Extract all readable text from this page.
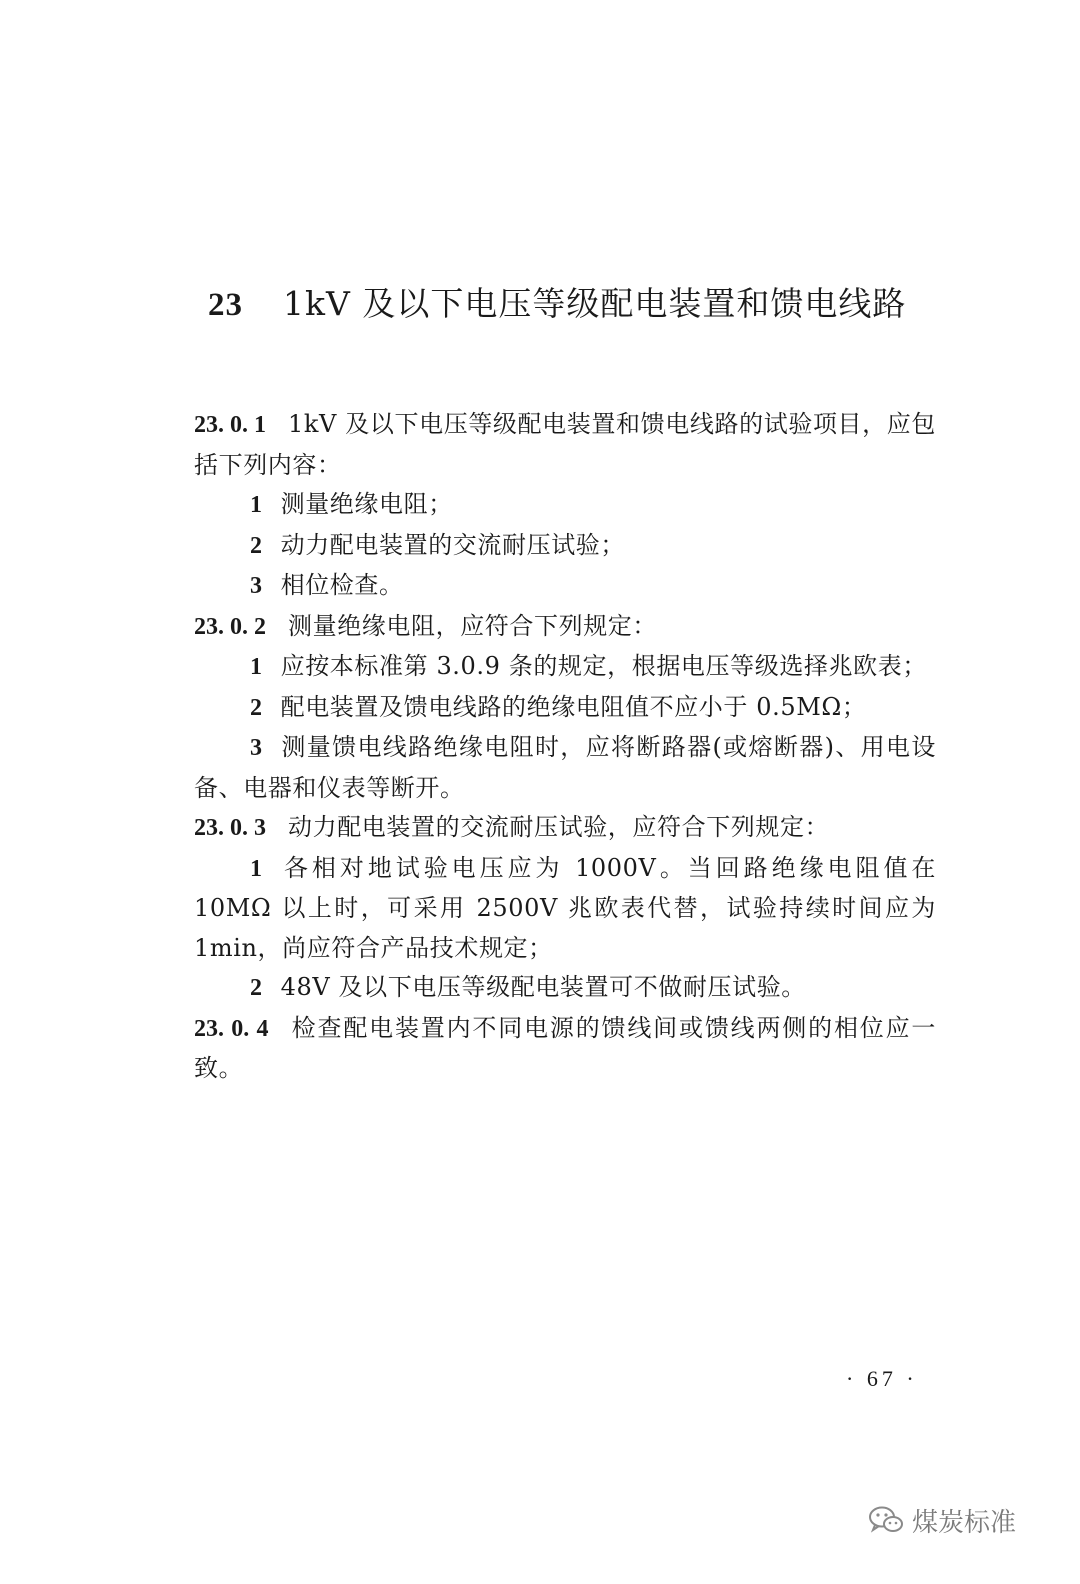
23 1kV 及以下电压等级配电装置和馈电线路

23. 0. 1 1kV 及以下电压等级配电装置和馈电线路的试验项目，应包括下列内容：

1 测量绝缘电阻；

2 动力配电装置的交流耐压试验；

3 相位检查。

23. 0. 2 测量绝缘电阻，应符合下列规定：

1 应按本标准第 3.0.9 条的规定，根据电压等级选择兆欧表；

2 配电装置及馈电线路的绝缘电阻值不应小于 0.5MΩ；

3 测量馈电线路绝缘电阻时，应将断路器(或熔断器)、用电设备、电器和仪表等断开。

23. 0. 3 动力配电装置的交流耐压试验，应符合下列规定：

1 各相对地试验电压应为 1000V。当回路绝缘电阻值在 10MΩ 以上时，可采用 2500V 兆欧表代替，试验持续时间应为 1min，尚应符合产品技术规定；

2 48V 及以下电压等级配电装置可不做耐压试验。

23. 0. 4 检查配电装置内不同电源的馈线间或馈线两侧的相位应一致。

· 67 ·
煤炭标准
